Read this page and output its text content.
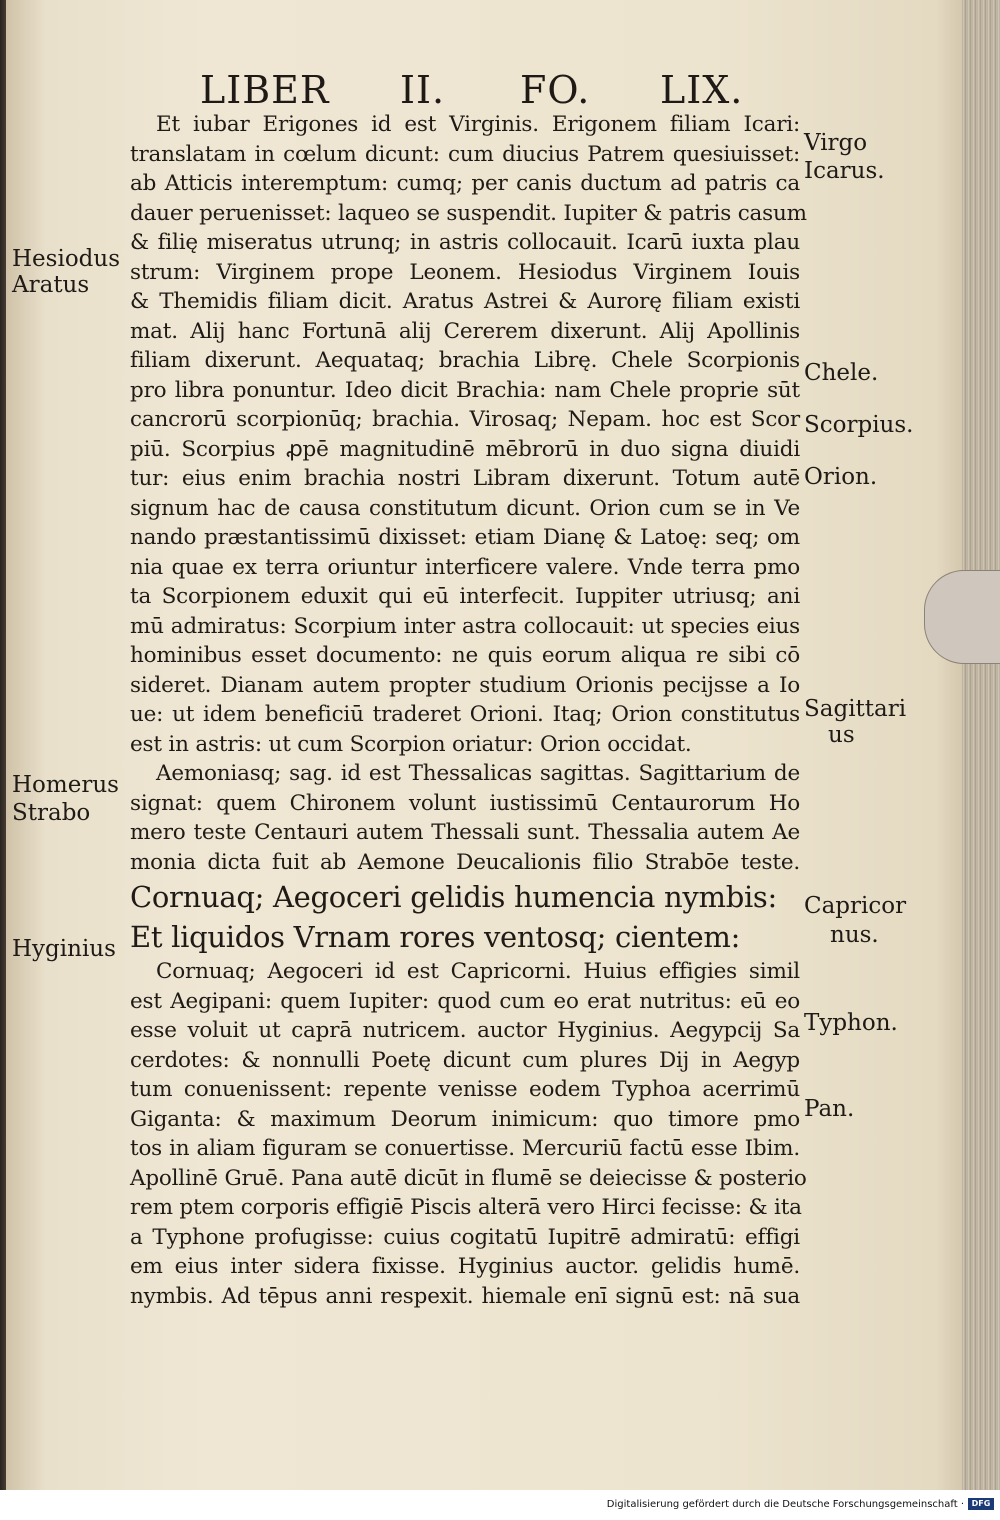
LIBER II. FO. LIX.
Et iubar Erigones id est Virginis. Erigonem filiam Icari:
translatam in cœlum dicunt: cum diucius Patrem quesiuisset:
ab Atticis interemptum: cumq; per canis ductum ad patris ca
dauer peruenisset: laqueo se suspendit. Iupiter & patris casum
& filię miseratus utrunq; in astris collocauit. Icarū iuxta plau
strum: Virginem prope Leonem. Hesiodus Virginem Iouis
& Themidis filiam dicit. Aratus Astrei & Aurorę filiam existi
mat. Alij hanc Fortunā alij Cererem dixerunt. Alij Apollinis
filiam dixerunt. Aequataq; brachia Librę. Chele Scorpionis
pro libra ponuntur. Ideo dicit Brachia: nam Chele proprie sūt
cancrorū scorpionūq; brachia. Virosaq; Nepam. hoc est Scor
piū. Scorpius ꝓpē magnitudinē mēbrorū in duo signa diuidi
tur: eius enim brachia nostri Libram dixerunt. Totum autē
signum hac de causa constitutum dicunt. Orion cum se in Ve
nando præstantissimū dixisset: etiam Dianę & Latoę: seq; om
nia quae ex terra oriuntur interficere valere. Vnde terra pmo
ta Scorpionem eduxit qui eū interfecit. Iuppiter utriusq; ani
mū admiratus: Scorpium inter astra collocauit: ut species eius
hominibus esset documento: ne quis eorum aliqua re sibi cō
sideret. Dianam autem propter studium Orionis pecijsse a Io
ue: ut idem beneficiū traderet Orioni. Itaq; Orion constitutus
est in astris: ut cum Scorpion oriatur: Orion occidat.
Aemoniasq; sag. id est Thessalicas sagittas. Sagittarium de
signat: quem Chironem volunt iustissimū Centaurorum Ho
mero teste Centauri autem Thessali sunt. Thessalia autem Ae
monia dicta fuit ab Aemone Deucalionis filio Strabōe teste.
Cornuaq; Aegoceri gelidis humencia nymbis:
Et liquidos Vrnam rores ventosq; cientem:
Cornuaq; Aegoceri id est Capricorni. Huius effigies simil
est Aegipani: quem Iupiter: quod cum eo erat nutritus: eū eo
esse voluit ut caprā nutricem. auctor Hyginius. Aegypcij Sa
cerdotes: & nonnulli Poetę dicunt cum plures Dij in Aegyp
tum conuenissent: repente venisse eodem Typhoa acerrimū
Giganta: & maximum Deorum inimicum: quo timore pmo
tos in aliam figuram se conuertisse. Mercuriū factū esse Ibim.
Apollinē Gruē. Pana autē dicūt in flumē se deiecisse & posterio
rem ptem corporis effigiē Piscis alterā vero Hirci fecisse: & ita
a Typhone profugisse: cuius cogitatū Iupitrē admiratū: effigi
em eius inter sidera fixisse. Hyginius auctor. gelidis humē.
nymbis. Ad tēpus anni respexit. hiemale enī signū est: nā sua
Hesiodus
Aratus
Homerus
Strabo
Hyginius
Virgo
Icarus.
Chele.
Scorpius.
Orion.
Sagittari
us
Capricor
nus.
Typhon.
Pan.
Digitalisierung gefördert durch die Deutsche Forschungsgemeinschaft · DFG
